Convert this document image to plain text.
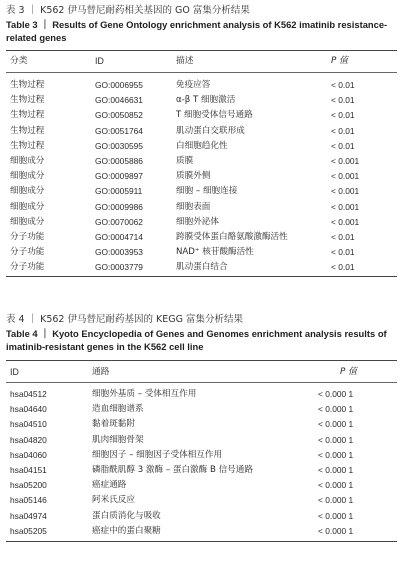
表 3 ｜ K562 伊马替尼耐药相关基因的 GO 富集分析结果
Table 3 ｜ Results of Gene Ontology enrichment analysis of K562 imatinib resistance-related genes
分类	ID	描述	P 值
生物过程	GO:0006955	免疫应答	< 0.01
生物过程	GO:0046631	α-β T 细胞激活	< 0.01
生物过程	GO:0050852	T 细胞受体信号通路	< 0.01
生物过程	GO:0051764	肌动蛋白交联形成	< 0.01
生物过程	GO:0030595	白细胞趋化性	< 0.01
细胞成分	GO:0005886	质膜	< 0.001
细胞成分	GO:0009897	质膜外侧	< 0.001
细胞成分	GO:0005911	细胞 – 细胞连接	< 0.001
细胞成分	GO:0009986	细胞表面	< 0.001
细胞成分	GO:0070062	细胞外泌体	< 0.001
分子功能	GO:0004714	跨膜受体蛋白酪氨酸激酶活性	< 0.01
分子功能	GO:0003953	NAD⁺ 核苷酸酶活性	< 0.01
分子功能	GO:0003779	肌动蛋白结合	< 0.01
表 4 ｜ K562 伊马替尼耐药基因的 KEGG 富集分析结果
Table 4 ｜ Kyoto Encyclopedia of Genes and Genomes enrichment analysis results of imatinib-resistant genes in the K562 cell line
ID	通路	P 值
hsa04512	细胞外基质 – 受体相互作用	< 0.000 1
hsa04640	造血细胞谱系	< 0.000 1
hsa04510	黏着斑黏附	< 0.000 1
hsa04820	肌肉细胞骨架	< 0.000 1
hsa04060	细胞因子 – 细胞因子受体相互作用	< 0.000 1
hsa04151	磷脂酰肌醇 3 激酶 – 蛋白激酶 B 信号通路	< 0.000 1
hsa05200	癌症通路	< 0.000 1
hsa05146	阿米氏反应	< 0.000 1
hsa04974	蛋白质消化与吸收	< 0.000 1
hsa05205	癌症中的蛋白聚糖	< 0.000 1
